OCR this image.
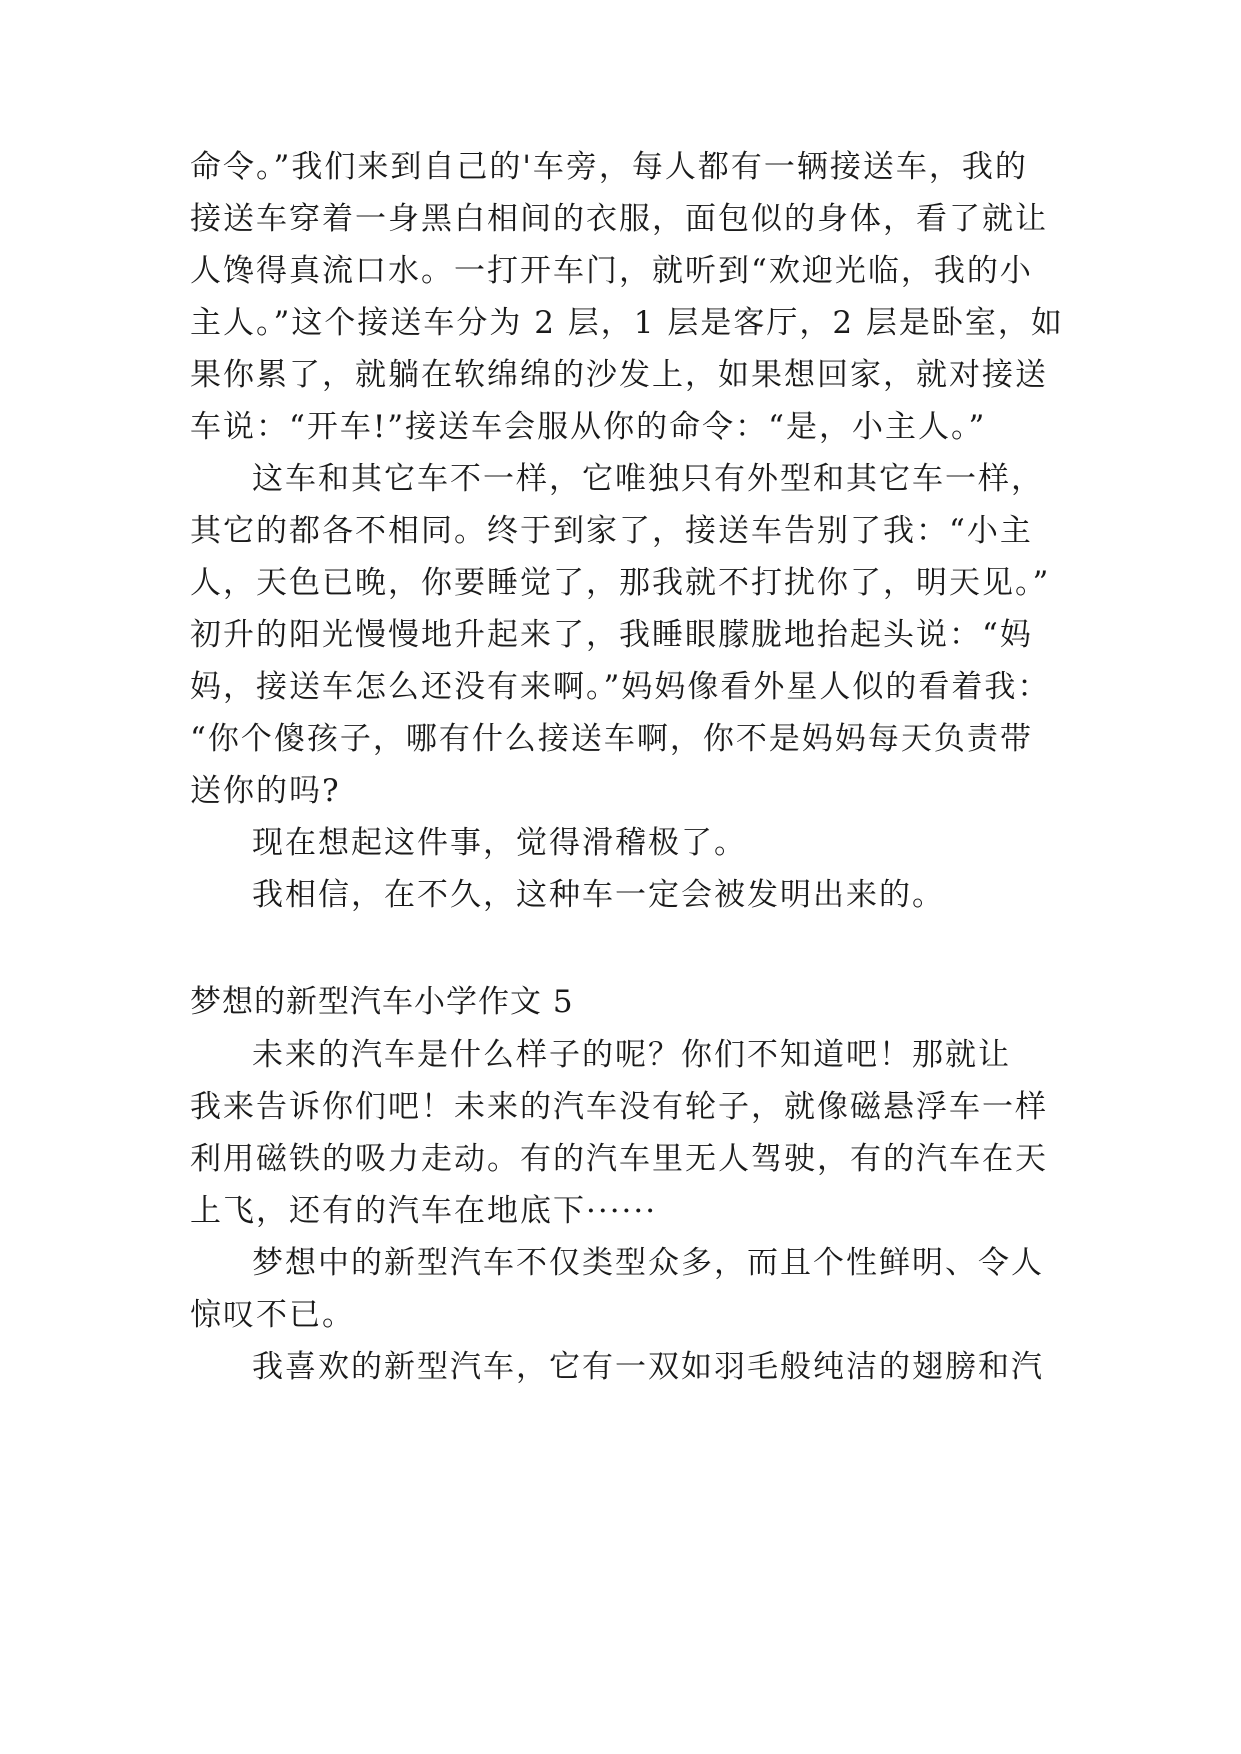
命令。”我们来到自己的'车旁，每人都有一辆接送车，我的
接送车穿着一身黑白相间的衣服，面包似的身体，看了就让
人馋得真流口水。一打开车门，就听到“欢迎光临，我的小
主人。”这个接送车分为 2 层，1 层是客厅，2 层是卧室，如
果你累了，就躺在软绵绵的沙发上，如果想回家，就对接送
车说：“开车!”接送车会服从你的命令：“是，小主人。”
这车和其它车不一样，它唯独只有外型和其它车一样，
其它的都各不相同。终于到家了，接送车告别了我：“小主
人，天色已晚，你要睡觉了，那我就不打扰你了，明天见。”
初升的阳光慢慢地升起来了，我睡眼朦胧地抬起头说：“妈
妈，接送车怎么还没有来啊。”妈妈像看外星人似的看着我：
“你个傻孩子，哪有什么接送车啊，你不是妈妈每天负责带
送你的吗?
现在想起这件事，觉得滑稽极了。
我相信，在不久，这种车一定会被发明出来的。
梦想的新型汽车小学作文 5
未来的汽车是什么样子的呢？你们不知道吧！那就让
我来告诉你们吧！未来的汽车没有轮子，就像磁悬浮车一样
利用磁铁的吸力走动。有的汽车里无人驾驶，有的汽车在天
上飞，还有的汽车在地底下······
梦想中的新型汽车不仅类型众多，而且个性鲜明、令人
惊叹不已。
我喜欢的新型汽车，它有一双如羽毛般纯洁的翅膀和汽
